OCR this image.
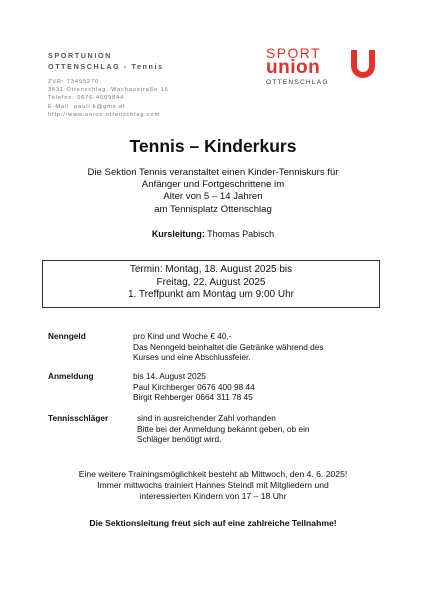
SPORTUNION
OTTENSCHLAG - Tennis
ZVR: 73495270
3631 Ottenschlag, Wachaustraße 16
Telefon: 0676-4009844
E-Mail: pauli.k@gmx.at
http://www.union.ottenschlag.com
SPORT
union
OTTENSCHLAG
Tennis – Kinderkurs
Die Sektion Tennis veranstaltet einen Kinder-Tenniskurs für
Anfänger und Fortgeschrittene im
Alter von 5 – 14 Jahren
am Tennisplatz Ottenschlag
Kursleitung: Thomas Pabisch
Termin: Montag, 18. August 2025 bis
Freitag, 22. August 2025
1. Treffpunkt am Montag um 9:00 Uhr
Nenngeld	pro Kind und Woche € 40,-
Das Nenngeld beinhaltet die Getränke während des
Kurses und eine Abschlussfeier.
Anmeldung	bis 14. August 2025
Paul Kirchberger 0676 400 98 44
Birgit Rehberger 0664 311 78 45
Tennisschläger	sind in ausreichender Zahl vorhanden
Bitte bei der Anmeldung bekannt geben, ob ein
Schläger benötigt wird.
Eine weitere Trainingsmöglichkeit besteht ab Mittwoch, den 4. 6. 2025!
Immer mittwochs trainiert Hannes Steindl mit Mitgliedern und
interessierten Kindern von 17 – 18 Uhr
Die Sektionsleitung freut sich auf eine zahlreiche Teilnahme!
